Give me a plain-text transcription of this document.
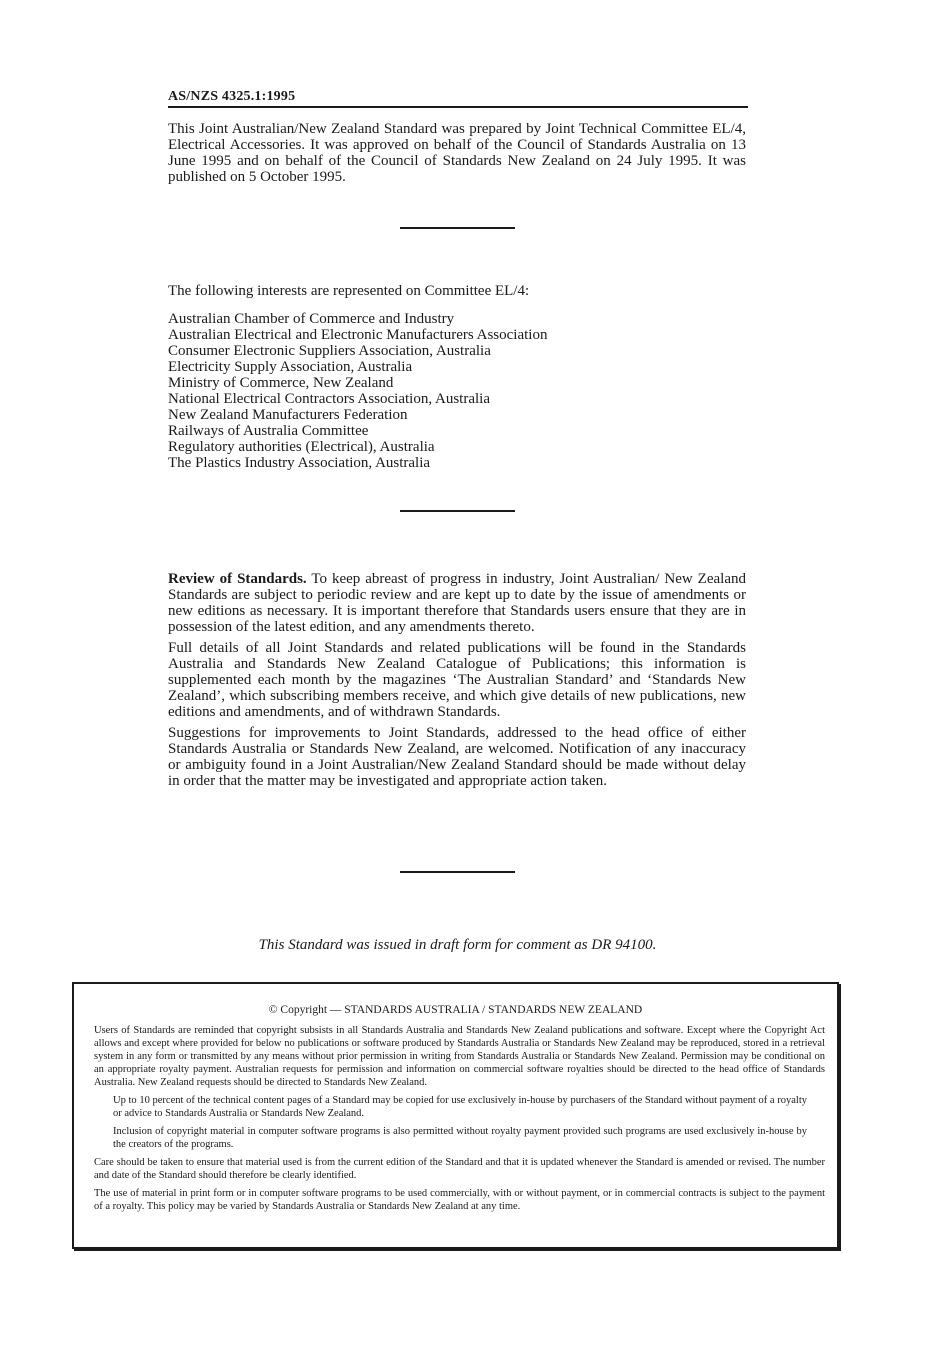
AS/NZS 4325.1:1995

This Joint Australian/New Zealand Standard was prepared by Joint Technical Committee EL/4, Electrical Accessories. It was approved on behalf of the Council of Standards Australia on 13 June 1995 and on behalf of the Council of Standards New Zealand on 24 July 1995. It was published on 5 October 1995.

The following interests are represented on Committee EL/4:

Australian Chamber of Commerce and Industry
Australian Electrical and Electronic Manufacturers Association
Consumer Electronic Suppliers Association, Australia
Electricity Supply Association, Australia
Ministry of Commerce, New Zealand
National Electrical Contractors Association, Australia
New Zealand Manufacturers Federation
Railways of Australia Committee
Regulatory authorities (Electrical), Australia
The Plastics Industry Association, Australia

Review of Standards. To keep abreast of progress in industry, Joint Australian/ New Zealand Standards are subject to periodic review and are kept up to date by the issue of amendments or new editions as necessary. It is important therefore that Standards users ensure that they are in possession of the latest edition, and any amendments thereto.

Full details of all Joint Standards and related publications will be found in the Standards Australia and Standards New Zealand Catalogue of Publications; this information is supplemented each month by the magazines ‘The Australian Standard’ and ‘Standards New Zealand’, which subscribing members receive, and which give details of new publications, new editions and amendments, and of withdrawn Standards.

Suggestions for improvements to Joint Standards, addressed to the head office of either Standards Australia or Standards New Zealand, are welcomed. Notification of any inaccuracy or ambiguity found in a Joint Australian/New Zealand Standard should be made without delay in order that the matter may be investigated and appropriate action taken.

This Standard was issued in draft form for comment as DR 94100.

© Copyright — STANDARDS AUSTRALIA / STANDARDS NEW ZEALAND

Users of Standards are reminded that copyright subsists in all Standards Australia and Standards New Zealand publications and software. Except where the Copyright Act allows and except where provided for below no publications or software produced by Standards Australia or Standards New Zealand may be reproduced, stored in a retrieval system in any form or transmitted by any means without prior permission in writing from Standards Australia or Standards New Zealand. Permission may be conditional on an appropriate royalty payment. Australian requests for permission and information on commercial software royalties should be directed to the head office of Standards Australia. New Zealand requests should be directed to Standards New Zealand.

Up to 10 percent of the technical content pages of a Standard may be copied for use exclusively in-house by purchasers of the Standard without payment of a royalty or advice to Standards Australia or Standards New Zealand.

Inclusion of copyright material in computer software programs is also permitted without royalty payment provided such programs are used exclusively in-house by the creators of the programs.

Care should be taken to ensure that material used is from the current edition of the Standard and that it is updated whenever the Standard is amended or revised. The number and date of the Standard should therefore be clearly identified.

The use of material in print form or in computer software programs to be used commercially, with or without payment, or in commercial contracts is subject to the payment of a royalty. This policy may be varied by Standards Australia or Standards New Zealand at any time.
